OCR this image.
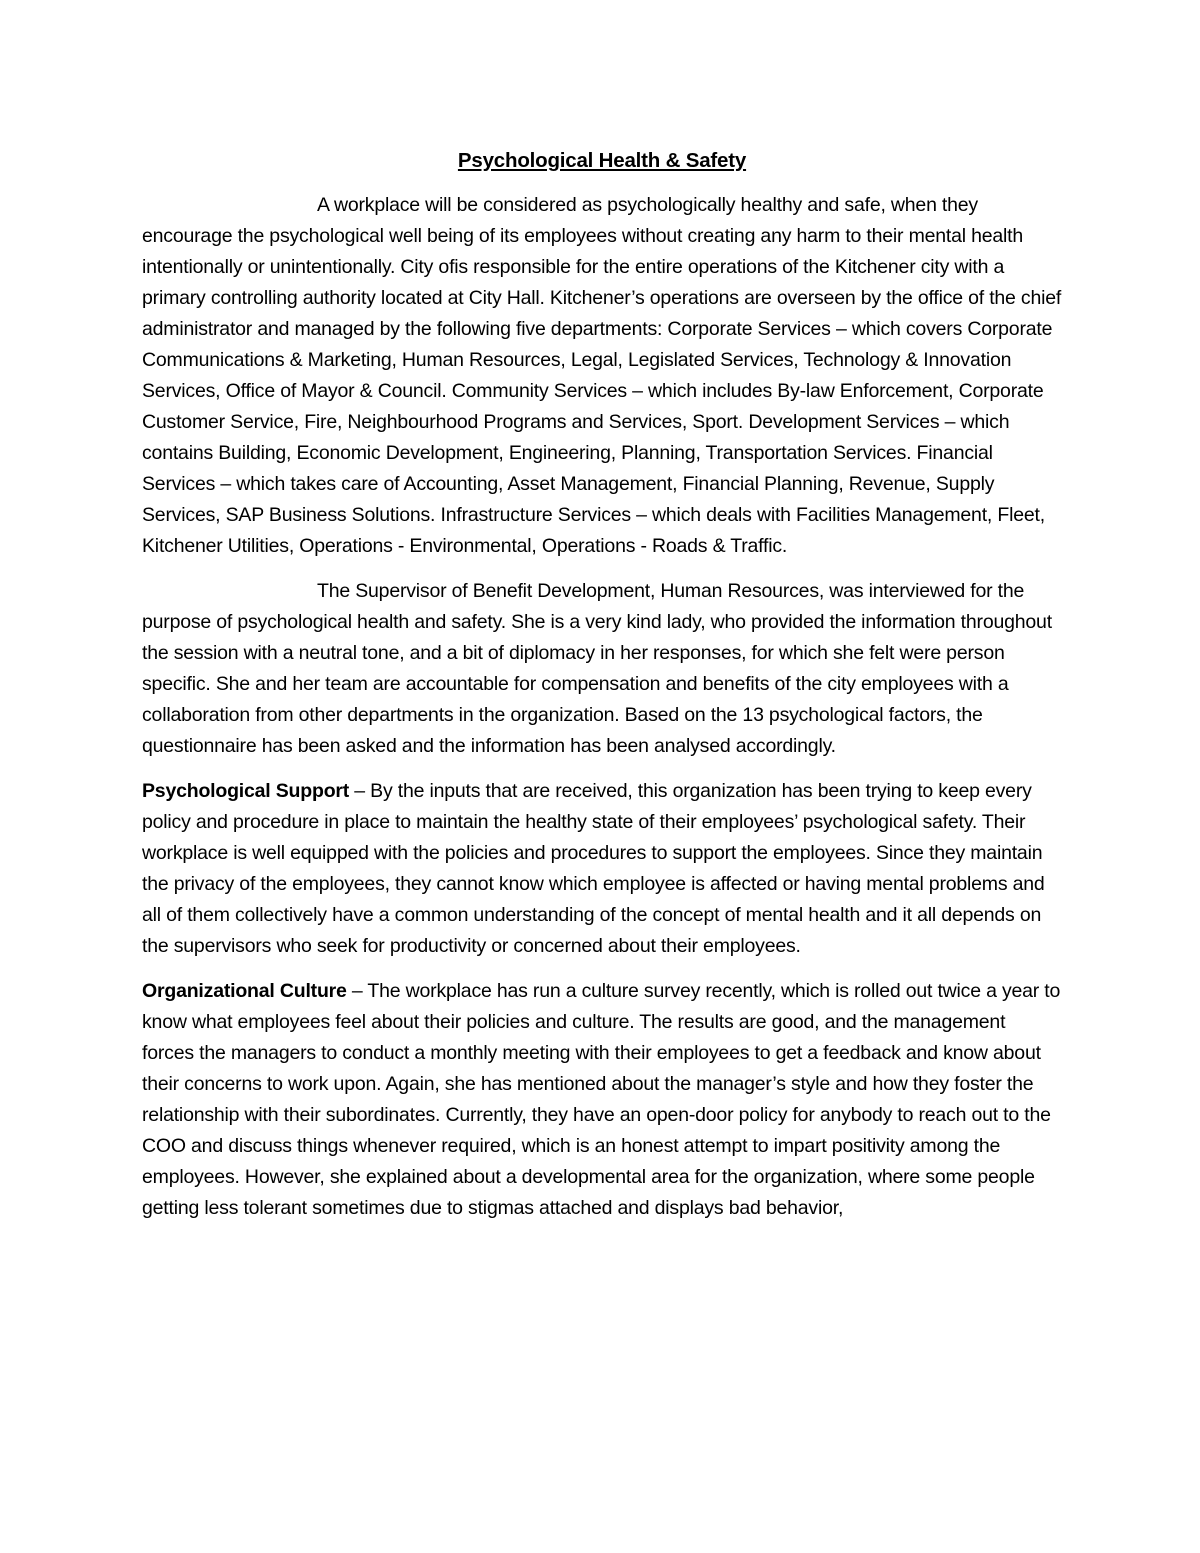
Psychological Health & Safety

A workplace will be considered as psychologically healthy and safe, when they encourage the psychological well being of its employees without creating any harm to their mental health intentionally or unintentionally. City ofis responsible for the entire operations of the Kitchener city with a primary controlling authority located at City Hall. Kitchener’s operations are overseen by the office of the chief administrator and managed by the following five departments: Corporate Services – which covers Corporate Communications & Marketing, Human Resources, Legal, Legislated Services, Technology & Innovation Services, Office of Mayor & Council. Community Services – which includes By-law Enforcement, Corporate Customer Service, Fire, Neighbourhood Programs and Services, Sport. Development Services – which contains Building, Economic Development, Engineering, Planning, Transportation Services. Financial Services – which takes care of Accounting, Asset Management, Financial Planning, Revenue, Supply Services, SAP Business Solutions. Infrastructure Services – which deals with Facilities Management, Fleet, Kitchener Utilities, Operations - Environmental, Operations - Roads & Traffic.

The Supervisor of Benefit Development, Human Resources, was interviewed for the purpose of psychological health and safety. She is a very kind lady, who provided the information throughout the session with a neutral tone, and a bit of diplomacy in her responses, for which she felt were person specific. She and her team are accountable for compensation and benefits of the city employees with a collaboration from other departments in the organization. Based on the 13 psychological factors, the questionnaire has been asked and the information has been analysed accordingly.

Psychological Support – By the inputs that are received, this organization has been trying to keep every policy and procedure in place to maintain the healthy state of their employees’ psychological safety. Their workplace is well equipped with the policies and procedures to support the employees. Since they maintain the privacy of the employees, they cannot know which employee is affected or having mental problems and all of them collectively have a common understanding of the concept of mental health and it all depends on the supervisors who seek for productivity or concerned about their employees.

Organizational Culture – The workplace has run a culture survey recently, which is rolled out twice a year to know what employees feel about their policies and culture. The results are good, and the management forces the managers to conduct a monthly meeting with their employees to get a feedback and know about their concerns to work upon. Again, she has mentioned about the manager’s style and how they foster the relationship with their subordinates. Currently, they have an open-door policy for anybody to reach out to the COO and discuss things whenever required, which is an honest attempt to impart positivity among the employees. However, she explained about a developmental area for the organization, where some people getting less tolerant sometimes due to stigmas attached and displays bad behavior,
